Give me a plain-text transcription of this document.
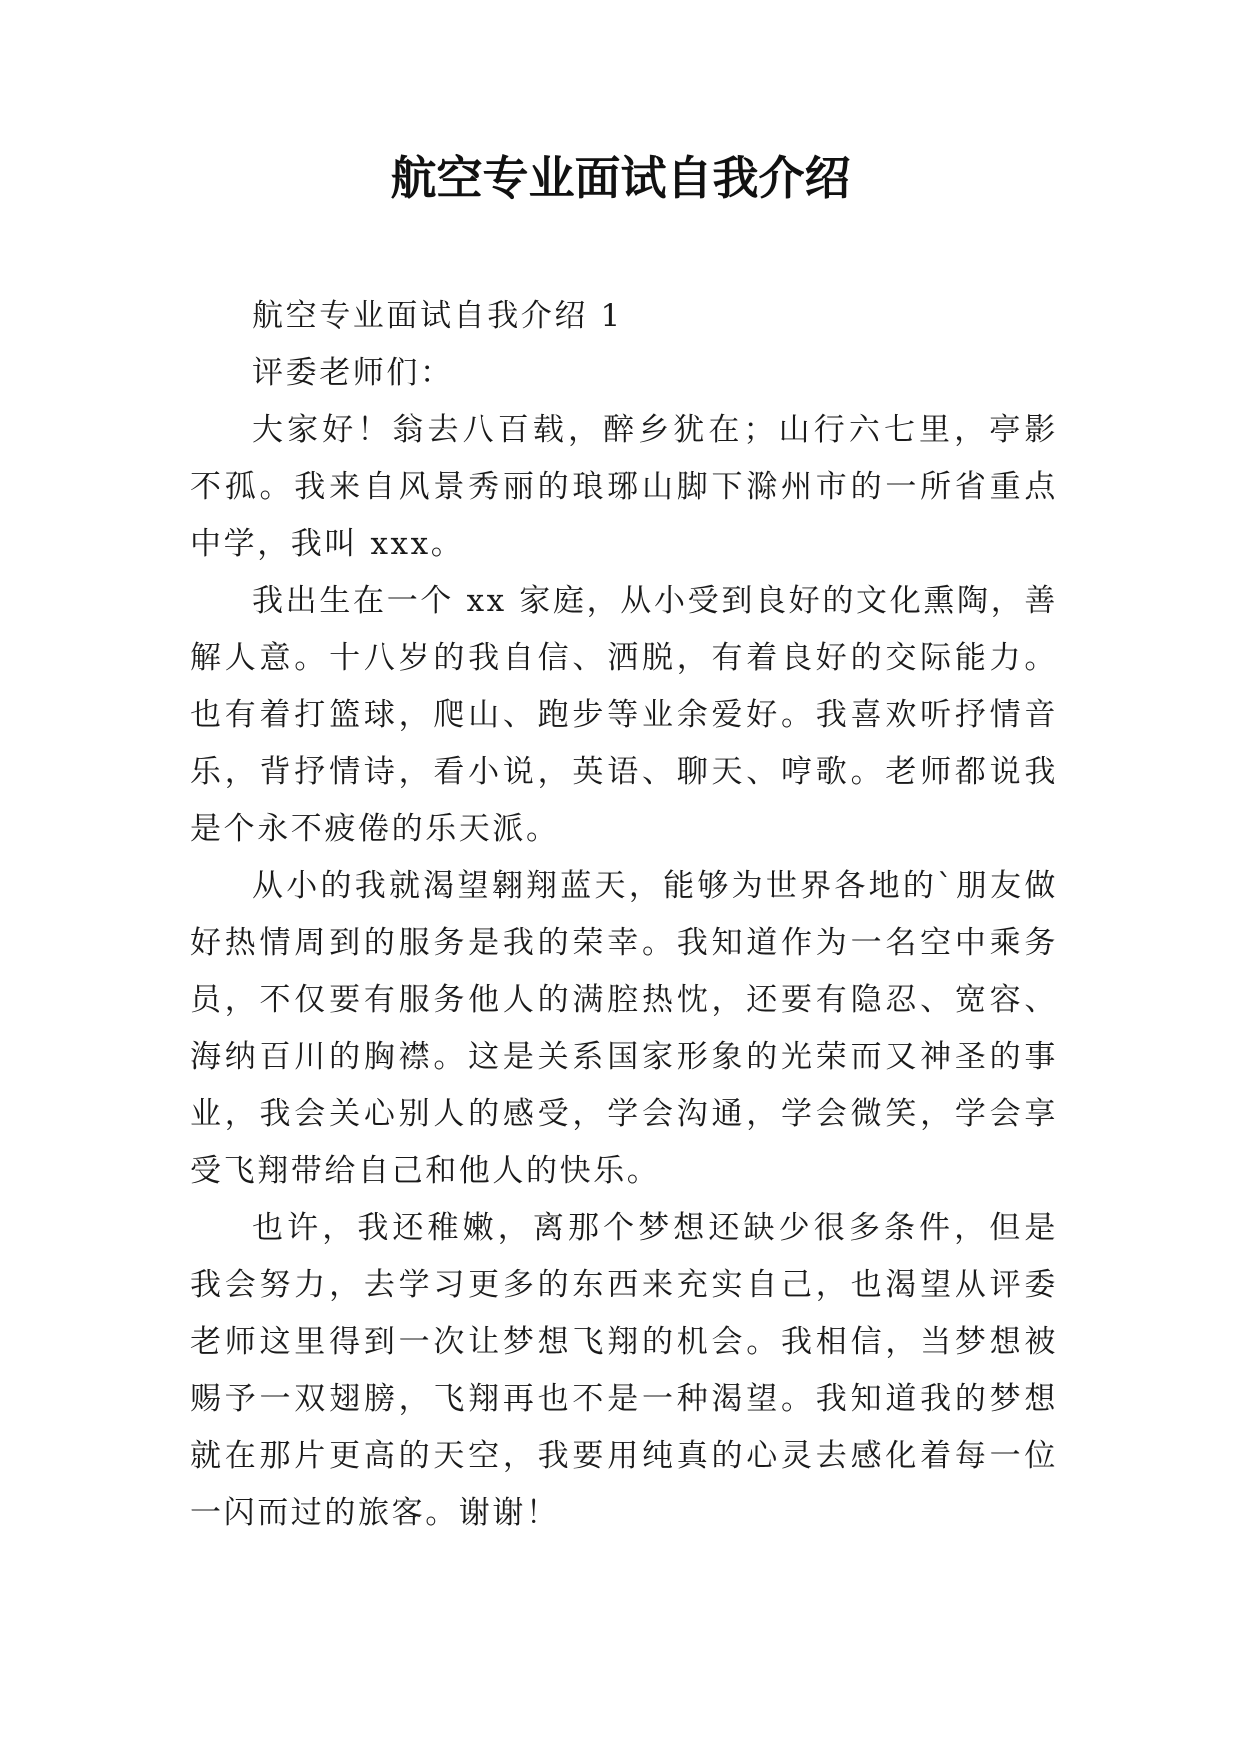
航空专业面试自我介绍

航空专业面试自我介绍 1

评委老师们：

大家好！翁去八百载，醉乡犹在；山行六七里，亭影不孤。我来自风景秀丽的琅琊山脚下滁州市的一所省重点中学，我叫 xxx。

我出生在一个 xx 家庭，从小受到良好的文化熏陶，善解人意。十八岁的我自信、洒脱，有着良好的交际能力。也有着打篮球，爬山、跑步等业余爱好。我喜欢听抒情音乐，背抒情诗，看小说，英语、聊天、哼歌。老师都说我是个永不疲倦的乐天派。

从小的我就渴望翱翔蓝天，能够为世界各地的`朋友做好热情周到的服务是我的荣幸。我知道作为一名空中乘务员，不仅要有服务他人的满腔热忱，还要有隐忍、宽容、海纳百川的胸襟。这是关系国家形象的光荣而又神圣的事业，我会关心别人的感受，学会沟通，学会微笑，学会享受飞翔带给自己和他人的快乐。

也许，我还稚嫩，离那个梦想还缺少很多条件，但是我会努力，去学习更多的东西来充实自己，也渴望从评委老师这里得到一次让梦想飞翔的机会。我相信，当梦想被赐予一双翅膀，飞翔再也不是一种渴望。我知道我的梦想就在那片更高的天空，我要用纯真的心灵去感化着每一位一闪而过的旅客。谢谢！
